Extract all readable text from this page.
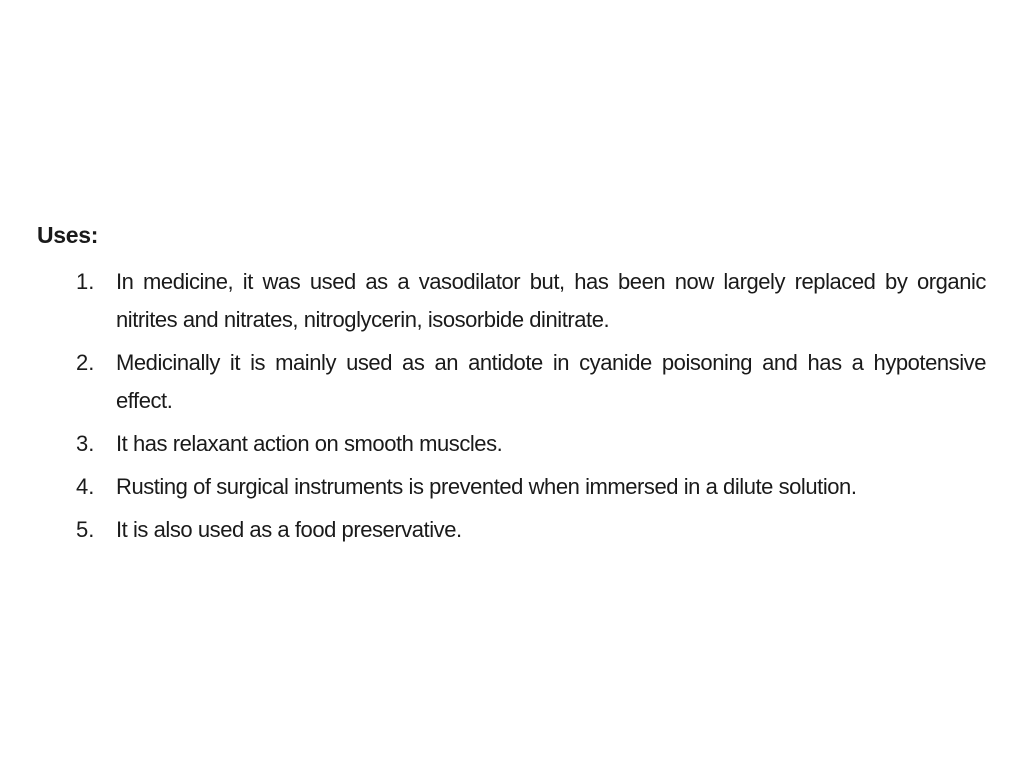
Uses:
1. In medicine, it was used as a vasodilator but, has been now largely replaced by organic nitrites and nitrates, nitroglycerin, isosorbide dinitrate.
2. Medicinally it is mainly used as an antidote in cyanide poisoning and has a hypotensive effect.
3. It has relaxant action on smooth muscles.
4. Rusting of surgical instruments is prevented when immersed in a dilute solution.
5. It is also used as a food preservative.
